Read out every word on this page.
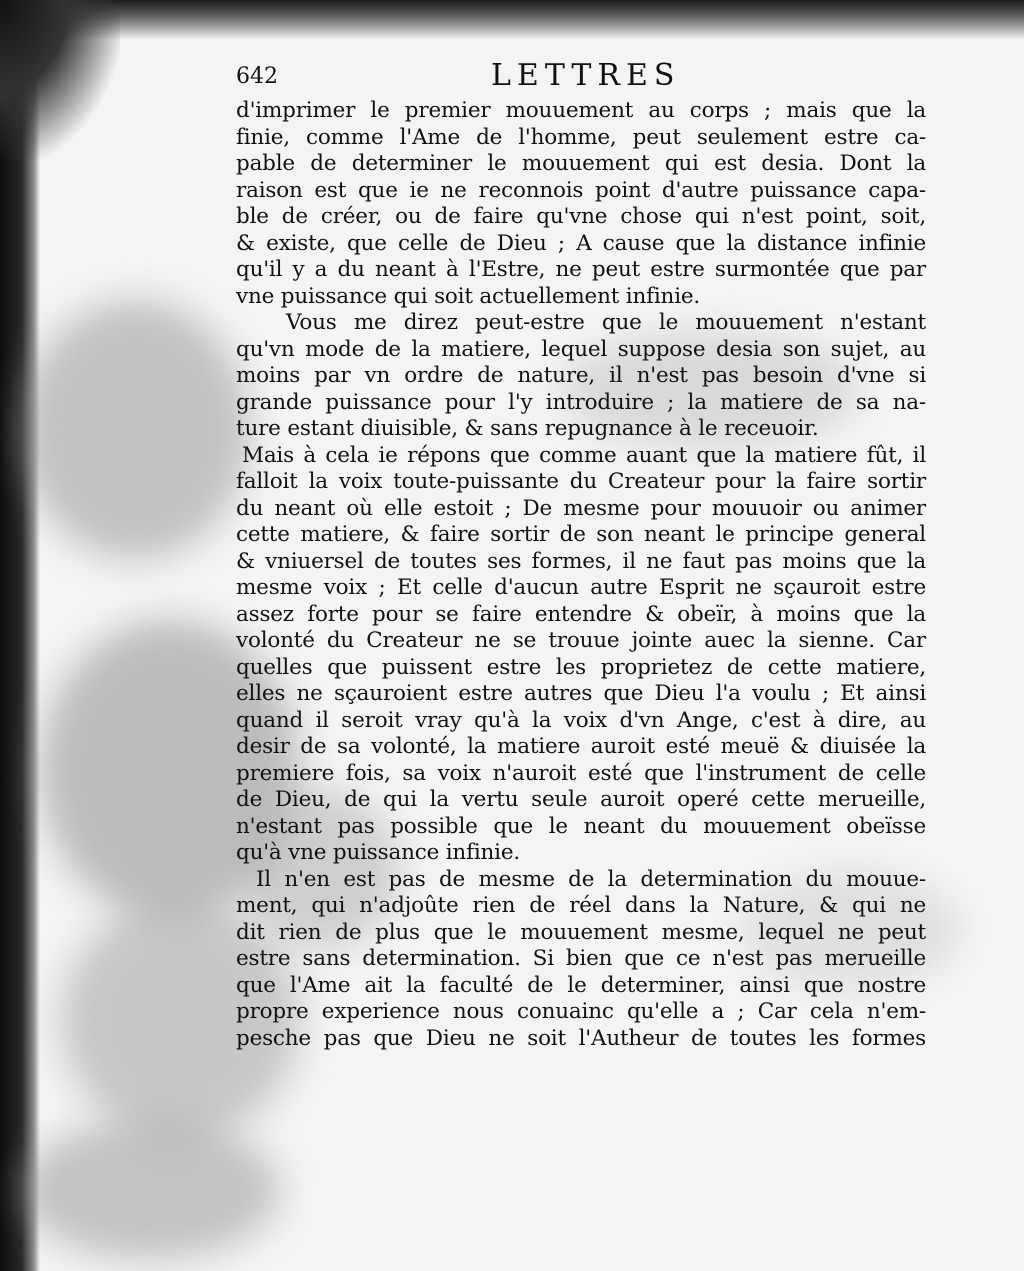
642	LETTRES
d'imprimer le premier mouuement au corps ; mais que la
finie, comme l'Ame de l'homme, peut seulement estre ca-
pable de determiner le mouuement qui est desia. Dont la
raison est que ie ne reconnois point d'autre puissance capa-
ble de créer, ou de faire qu'vne chose qui n'est point, soit,
& existe, que celle de Dieu ; A cause que la distance infinie
qu'il y a du neant à l'Estre, ne peut estre surmontée que par
vne puissance qui soit actuellement infinie.
Vous me direz peut-estre que le mouuement n'estant
qu'vn mode de la matiere, lequel suppose desia son sujet, au
moins par vn ordre de nature, il n'est pas besoin d'vne si
grande puissance pour l'y introduire ; la matiere de sa na-
ture estant diuisible, & sans repugnance à le receuoir.
Mais à cela ie répons que comme auant que la matiere fût, il
falloit la voix toute-puissante du Createur pour la faire sortir
du neant où elle estoit ; De mesme pour mouuoir ou animer
cette matiere, & faire sortir de son neant le principe general
& vniuersel de toutes ses formes, il ne faut pas moins que la
mesme voix ; Et celle d'aucun autre Esprit ne sçauroit estre
assez forte pour se faire entendre & obeïr, à moins que la
volonté du Createur ne se trouue jointe auec la sienne. Car
quelles que puissent estre les proprietez de cette matiere,
elles ne sçauroient estre autres que Dieu l'a voulu ; Et ainsi
quand il seroit vray qu'à la voix d'vn Ange, c'est à dire, au
desir de sa volonté, la matiere auroit esté meuë & diuisée la
premiere fois, sa voix n'auroit esté que l'instrument de celle
de Dieu, de qui la vertu seule auroit operé cette merueille,
n'estant pas possible que le neant du mouuement obeïsse
qu'à vne puissance infinie.
Il n'en est pas de mesme de la determination du mouue-
ment, qui n'adjoûte rien de réel dans la Nature, & qui ne
dit rien de plus que le mouuement mesme, lequel ne peut
estre sans determination. Si bien que ce n'est pas merueille
que l'Ame ait la faculté de le determiner, ainsi que nostre
propre experience nous conuainc qu'elle a ; Car cela n'em-
pesche pas que Dieu ne soit l'Autheur de toutes les formes
